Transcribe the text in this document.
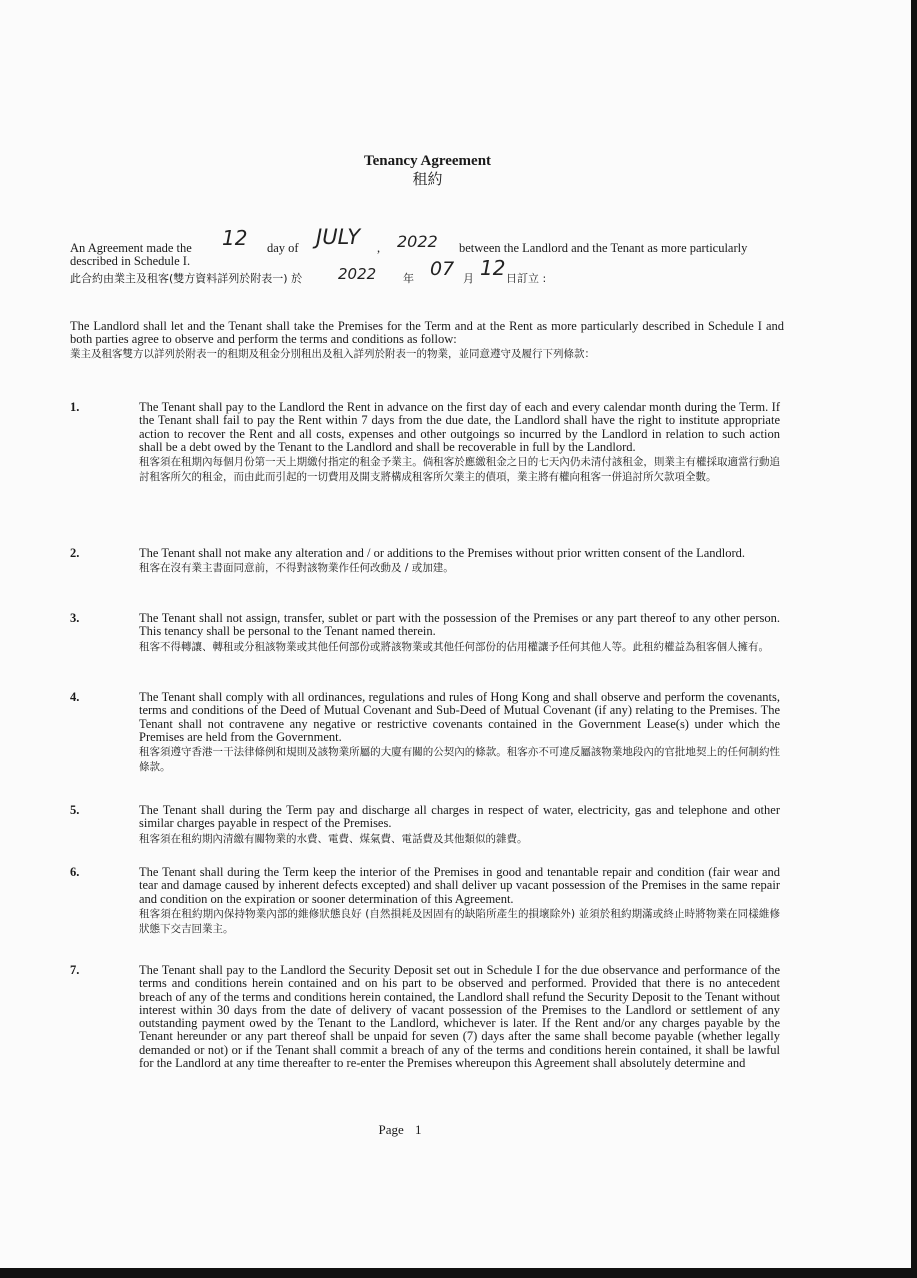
Tenancy Agreement
租約
An Agreement made the 12 day of JULY , 2022 between the Landlord and the Tenant as more particularly
described in Schedule I.
此合約由業主及租客(雙方資料詳列於附表一) 於 2022 年 07 月 12 日訂立 :
The Landlord shall let and the Tenant shall take the Premises for the Term and at the Rent as more particularly described in Schedule I and both parties agree to observe and perform the terms and conditions as follow:
業主及租客雙方以詳列於附表一的租期及租金分別租出及租入詳列於附表一的物業，並同意遵守及履行下列條款：
1.	The Tenant shall pay to the Landlord the Rent in advance on the first day of each and every calendar month during the Term. If the Tenant shall fail to pay the Rent within 7 days from the due date, the Landlord shall have the right to institute appropriate action to recover the Rent and all costs, expenses and other outgoings so incurred by the Landlord in relation to such action shall be a debt owed by the Tenant to the Landlord and shall be recoverable in full by the Landlord.

租客須在租期內每個月份第一天上期繳付指定的租金予業主。倘租客於應繳租金之日的七天內仍未清付該租金，則業主有權採取適當行動追討租客所欠的租金，而由此而引起的一切費用及開支將構成租客所欠業主的債項，業主將有權向租客一併追討所欠款項全數。

2.	The Tenant shall not make any alteration and / or additions to the Premises without prior written consent of the Landlord.

租客在沒有業主書面同意前，不得對該物業作任何改動及 / 或加建。

3.	The Tenant shall not assign, transfer, sublet or part with the possession of the Premises or any part thereof to any other person. This tenancy shall be personal to the Tenant named therein.

租客不得轉讓、轉租或分租該物業或其他任何部份或將該物業或其他任何部份的佔用權讓予任何其他人等。此租約權益為租客個人擁有。

4.	The Tenant shall comply with all ordinances, regulations and rules of Hong Kong and shall observe and perform the covenants, terms and conditions of the Deed of Mutual Covenant and Sub-Deed of Mutual Covenant (if any) relating to the Premises. The Tenant shall not contravene any negative or restrictive covenants contained in the Government Lease(s) under which the Premises are held from the Government.

租客須遵守香港一干法律條例和規則及該物業所屬的大廈有關的公契內的條款。租客亦不可違反屬該物業地段內的官批地契上的任何制約性條款。

5.	The Tenant shall during the Term pay and discharge all charges in respect of water, electricity, gas and telephone and other similar charges payable in respect of the Premises.

租客須在租約期內清繳有關物業的水費、電費、煤氣費、電話費及其他類似的雜費。

6.	The Tenant shall during the Term keep the interior of the Premises in good and tenantable repair and condition (fair wear and tear and damage caused by inherent defects excepted) and shall deliver up vacant possession of the Premises in the same repair and condition on the expiration or sooner determination of this Agreement.

租客須在租約期內保持物業內部的維修狀態良好 (自然損耗及因固有的缺陷所產生的損壞除外) 並須於租約期滿或終止時將物業在同樣維修狀態下交吉回業主。

7.	The Tenant shall pay to the Landlord the Security Deposit set out in Schedule I for the due observance and performance of the terms and conditions herein contained and on his part to be observed and performed. Provided that there is no antecedent breach of any of the terms and conditions herein contained, the Landlord shall refund the Security Deposit to the Tenant without interest within 30 days from the date of delivery of vacant possession of the Premises to the Landlord or settlement of any outstanding payment owed by the Tenant to the Landlord, whichever is later. If the Rent and/or any charges payable by the Tenant hereunder or any part thereof shall be unpaid for seven (7) days after the same shall become payable (whether legally demanded or not) or if the Tenant shall commit a breach of any of the terms and conditions herein contained, it shall be lawful for the Landlord at any time thereafter to re-enter the Premises whereupon this Agreement shall absolutely determine and

Page 1
